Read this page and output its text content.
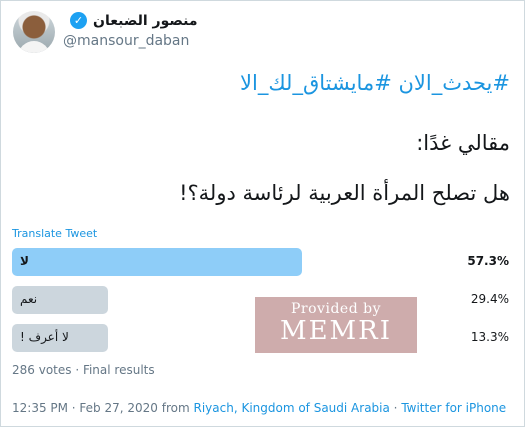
✓ منصور الضبعان
@mansour_daban
#يحدث_الان #مايشتاق_لك_الا
مقالي غدًا:
هل تصلح المرأة العربية لرئاسة دولة؟!
Translate Tweet
لا	57.3%
نعم	29.4%
لا أعرف !	13.3%
Provided by
MEMRI
286 votes · Final results
12:35 PM · Feb 27, 2020 from Riyach, Kingdom of Saudi Arabia · Twitter for iPhone
